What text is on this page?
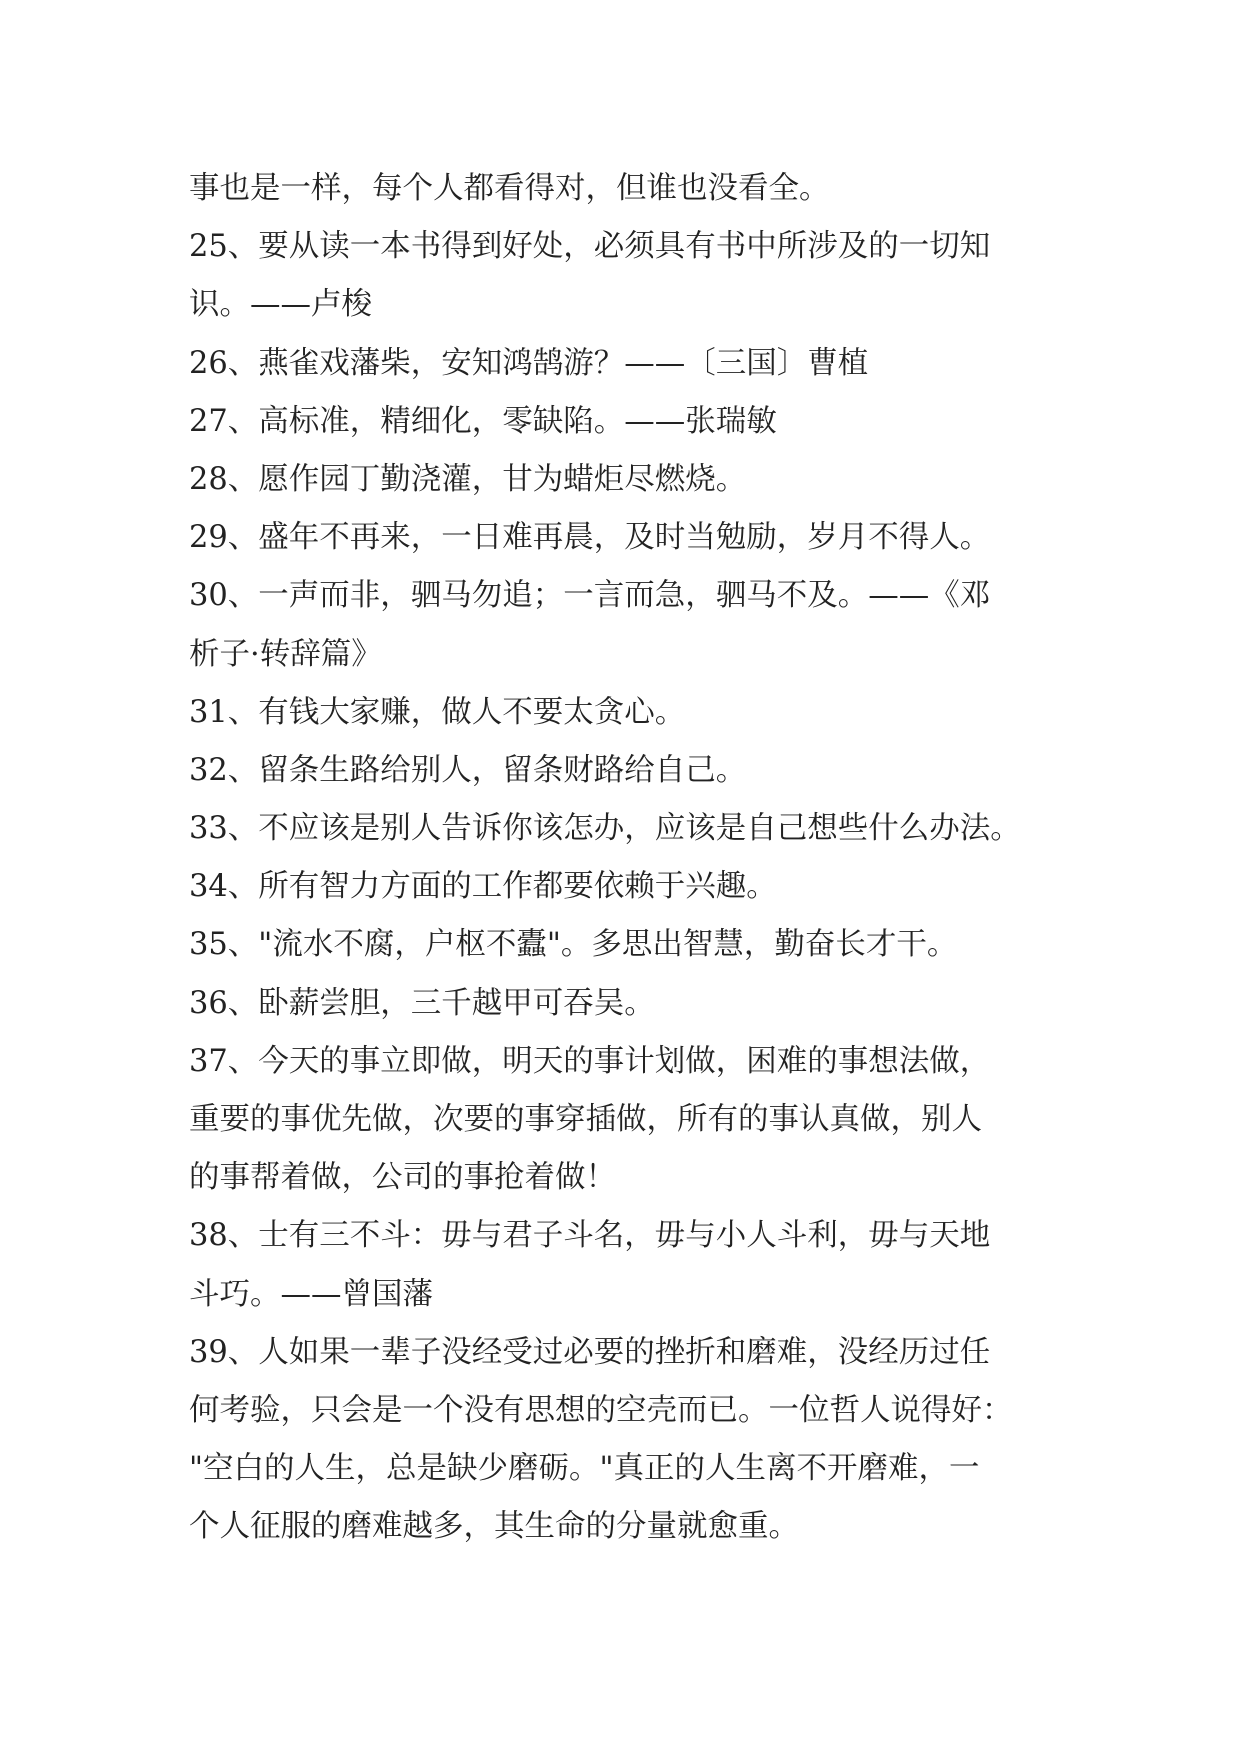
事也是一样，每个人都看得对，但谁也没看全。
25、要从读一本书得到好处，必须具有书中所涉及的一切知
识。——卢梭
26、燕雀戏藩柴，安知鸿鹄游？——〔三国〕曹植
27、高标准，精细化，零缺陷。——张瑞敏
28、愿作园丁勤浇灌，甘为蜡炬尽燃烧。
29、盛年不再来，一日难再晨，及时当勉励，岁月不得人。
30、一声而非，驷马勿追；一言而急，驷马不及。——《邓
析子·转辞篇》
31、有钱大家赚，做人不要太贪心。
32、留条生路给别人，留条财路给自己。
33、不应该是别人告诉你该怎办，应该是自己想些什么办法。
34、所有智力方面的工作都要依赖于兴趣。
35、"流水不腐，户枢不蠹"。多思出智慧，勤奋长才干。
36、卧薪尝胆，三千越甲可吞吴。
37、今天的事立即做，明天的事计划做，困难的事想法做，
重要的事优先做，次要的事穿插做，所有的事认真做，别人
的事帮着做，公司的事抢着做！
38、士有三不斗：毋与君子斗名，毋与小人斗利，毋与天地
斗巧。——曾国藩
39、人如果一辈子没经受过必要的挫折和磨难，没经历过任
何考验，只会是一个没有思想的空壳而已。一位哲人说得好：
"空白的人生，总是缺少磨砺。"真正的人生离不开磨难，一
个人征服的磨难越多，其生命的分量就愈重。
